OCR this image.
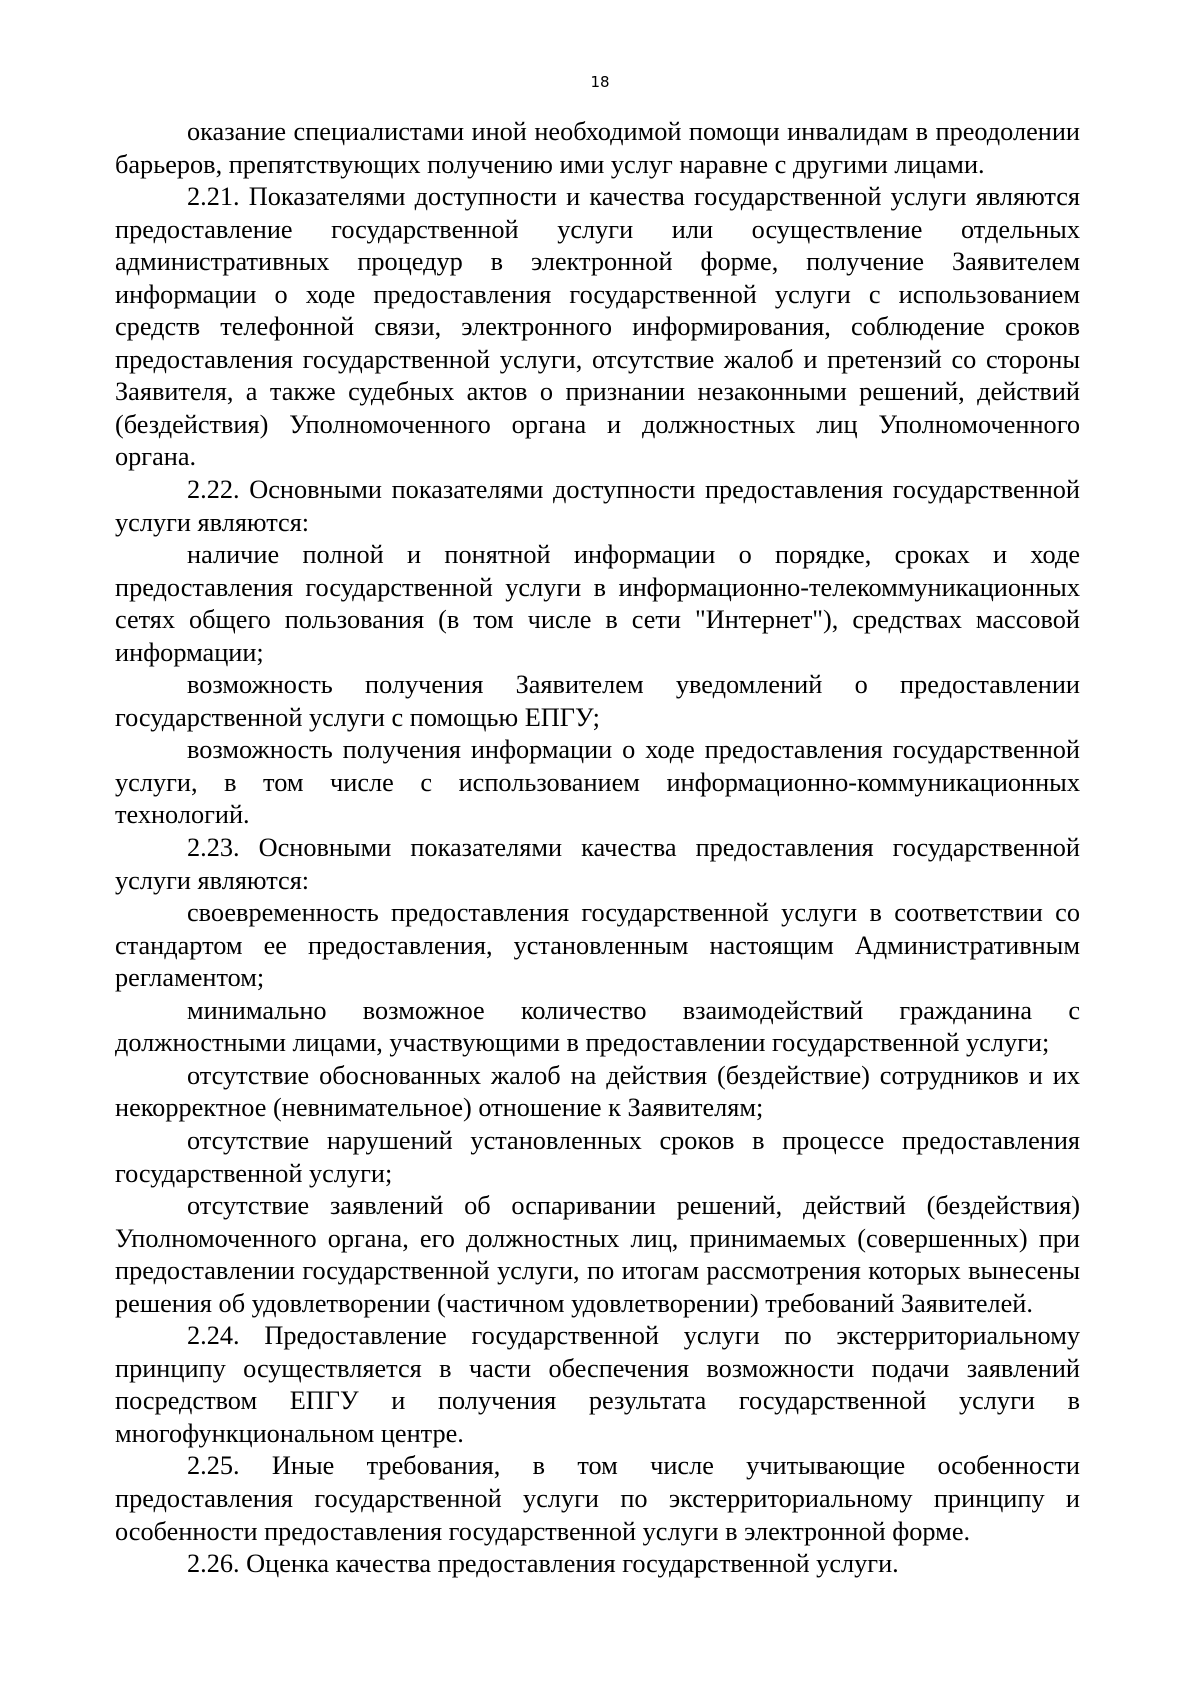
18

оказание специалистами иной необходимой помощи инвалидам в преодолении барьеров, препятствующих получению ими услуг наравне с другими лицами.

2.21. Показателями доступности и качества государственной услуги являются предоставление государственной услуги или осуществление отдельных административных процедур в электронной форме, получение Заявителем информации о ходе предоставления государственной услуги с использованием средств телефонной связи, электронного информирования, соблюдение сроков предоставления государственной услуги, отсутствие жалоб и претензий со стороны Заявителя, а также судебных актов о признании незаконными решений, действий (бездействия) Уполномоченного органа и должностных лиц Уполномоченного органа.

2.22. Основными показателями доступности предоставления государственной услуги являются:

наличие полной и понятной информации о порядке, сроках и ходе предоставления государственной услуги в информационно-телекоммуникационных сетях общего пользования (в том числе в сети "Интернет"), средствах массовой информации;

возможность получения Заявителем уведомлений о предоставлении государственной услуги с помощью ЕПГУ;

возможность получения информации о ходе предоставления государственной услуги, в том числе с использованием информационно-коммуникационных технологий.

2.23. Основными показателями качества предоставления государственной услуги являются:

своевременность предоставления государственной услуги в соответствии со стандартом ее предоставления, установленным настоящим Административным регламентом;

минимально возможное количество взаимодействий гражданина с должностными лицами, участвующими в предоставлении государственной услуги;

отсутствие обоснованных жалоб на действия (бездействие) сотрудников и их некорректное (невнимательное) отношение к Заявителям;

отсутствие нарушений установленных сроков в процессе предоставления государственной услуги;

отсутствие заявлений об оспаривании решений, действий (бездействия) Уполномоченного органа, его должностных лиц, принимаемых (совершенных) при предоставлении государственной услуги, по итогам рассмотрения которых вынесены решения об удовлетворении (частичном удовлетворении) требований Заявителей.

2.24. Предоставление государственной услуги по экстерриториальному принципу осуществляется в части обеспечения возможности подачи заявлений посредством ЕПГУ и получения результата государственной услуги в многофункциональном центре.

2.25. Иные требования, в том числе учитывающие особенности предоставления государственной услуги по экстерриториальному принципу и особенности предоставления государственной услуги в электронной форме.

2.26. Оценка качества предоставления государственной услуги.
